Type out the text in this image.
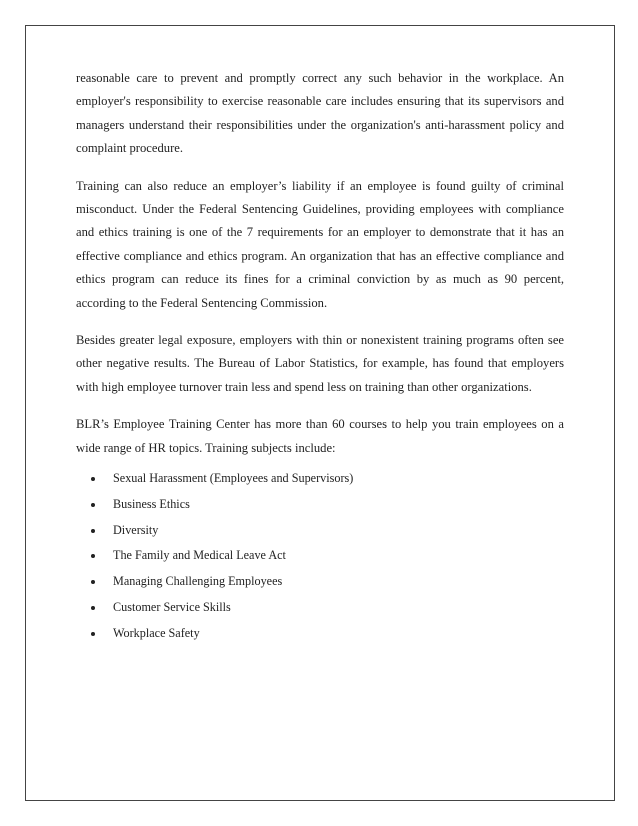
reasonable care to prevent and promptly correct any such behavior in the workplace. An employer's responsibility to exercise reasonable care includes ensuring that its supervisors and managers understand their responsibilities under the organization's anti-harassment policy and complaint procedure.

Training can also reduce an employer’s liability if an employee is found guilty of criminal misconduct. Under the Federal Sentencing Guidelines, providing employees with compliance and ethics training is one of the 7 requirements for an employer to demonstrate that it has an effective compliance and ethics program. An organization that has an effective compliance and ethics program can reduce its fines for a criminal conviction by as much as 90 percent, according to the Federal Sentencing Commission.

Besides greater legal exposure, employers with thin or nonexistent training programs often see other negative results. The Bureau of Labor Statistics, for example, has found that employers with high employee turnover train less and spend less on training than other organizations.

BLR’s Employee Training Center has more than 60 courses to help you train employees on a wide range of HR topics. Training subjects include:

Sexual Harassment (Employees and Supervisors)
Business Ethics
Diversity
The Family and Medical Leave Act
Managing Challenging Employees
Customer Service Skills
Workplace Safety
